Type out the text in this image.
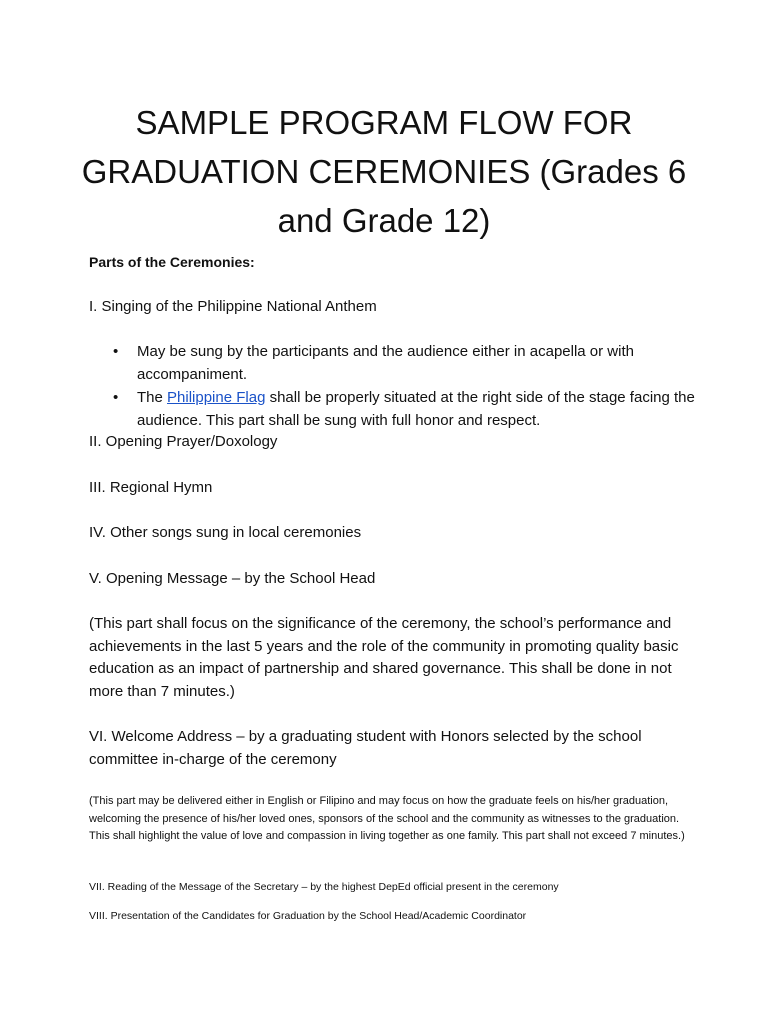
SAMPLE PROGRAM FLOW FOR GRADUATION CEREMONIES (Grades 6 and Grade 12)

Parts of the Ceremonies:

I. Singing of the Philippine National Anthem

• May be sung by the participants and the audience either in acapella or with accompaniment.
• The Philippine Flag shall be properly situated at the right side of the stage facing the audience. This part shall be sung with full honor and respect.

II. Opening Prayer/Doxology

III. Regional Hymn

IV. Other songs sung in local ceremonies

V. Opening Message – by the School Head

(This part shall focus on the significance of the ceremony, the school’s performance and achievements in the last 5 years and the role of the community in promoting quality basic education as an impact of partnership and shared governance. This shall be done in not more than 7 minutes.)

VI. Welcome Address – by a graduating student with Honors selected by the school committee in-charge of the ceremony

(This part may be delivered either in English or Filipino and may focus on how the graduate feels on his/her graduation, welcoming the presence of his/her loved ones, sponsors of the school and the community as witnesses to the graduation. This shall highlight the value of love and compassion in living together as one family. This part shall not exceed 7 minutes.)

VII. Reading of the Message of the Secretary – by the highest DepEd official present in the ceremony

VIII. Presentation of the Candidates for Graduation by the School Head/Academic Coordinator
